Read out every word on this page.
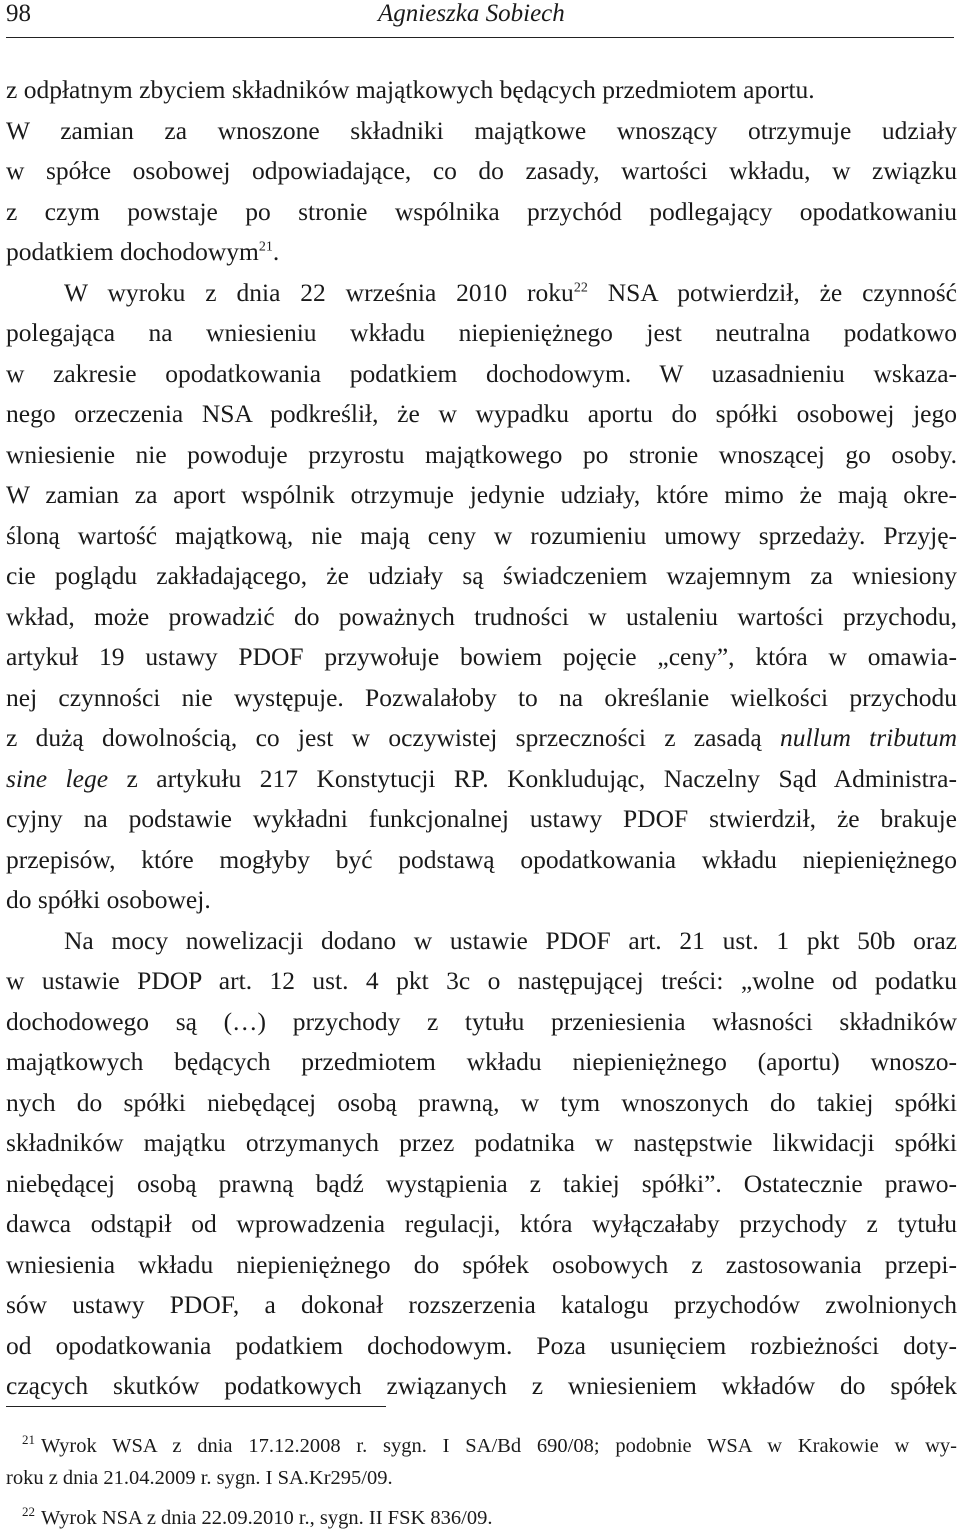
98	Agnieszka Sobiech
z odpłatnym zbyciem składników majątkowych będących przedmiotem aportu.
W zamian za wnoszone składniki majątkowe wnoszący otrzymuje udziały
w spółce osobowej odpowiadające, co do zasady, wartości wkładu, w związku
z czym powstaje po stronie wspólnika przychód podlegający opodatkowaniu
podatkiem dochodowym$^{21}$.
W wyroku z dnia 22 września 2010 roku$^{22}$ NSA potwierdził, że czynność
polegająca na wniesieniu wkładu niepieniężnego jest neutralna podatkowo
w zakresie opodatkowania podatkiem dochodowym. W uzasadnieniu wskaza-
nego orzeczenia NSA podkreślił, że w wypadku aportu do spółki osobowej jego
wniesienie nie powoduje przyrostu majątkowego po stronie wnoszącej go osoby.
W zamian za aport wspólnik otrzymuje jedynie udziały, które mimo że mają okre-
śloną wartość majątkową, nie mają ceny w rozumieniu umowy sprzedaży. Przyję-
cie poglądu zakładającego, że udziały są świadczeniem wzajemnym za wniesiony
wkład, może prowadzić do poważnych trudności w ustaleniu wartości przychodu,
artykuł 19 ustawy PDOF przywołuje bowiem pojęcie „ceny”, która w omawia-
nej czynności nie występuje. Pozwalałoby to na określanie wielkości przychodu
z dużą dowolnością, co jest w oczywistej sprzeczności z zasadą nullum tributum
sine lege z artykułu 217 Konstytucji RP. Konkludując, Naczelny Sąd Administra-
cyjny na podstawie wykładni funkcjonalnej ustawy PDOF stwierdził, że brakuje
przepisów, które mogłyby być podstawą opodatkowania wkładu niepieniężnego
do spółki osobowej.
Na mocy nowelizacji dodano w ustawie PDOF art. 21 ust. 1 pkt 50b oraz
w ustawie PDOP art. 12 ust. 4 pkt 3c o następującej treści: „wolne od podatku
dochodowego są (…) przychody z tytułu przeniesienia własności składników
majątkowych będących przedmiotem wkładu niepieniężnego (aportu) wnoszo-
nych do spółki niebędącej osobą prawną, w tym wnoszonych do takiej spółki
składników majątku otrzymanych przez podatnika w następstwie likwidacji spółki
niebędącej osobą prawną bądź wystąpienia z takiej spółki”. Ostatecznie prawo-
dawca odstąpił od wprowadzenia regulacji, która wyłączałaby przychody z tytułu
wniesienia wkładu niepieniężnego do spółek osobowych z zastosowania przepi-
sów ustawy PDOF, a dokonał rozszerzenia katalogu przychodów zwolnionych
od opodatkowania podatkiem dochodowym. Poza usunięciem rozbieżności doty-
czących skutków podatkowych związanych z wniesieniem wkładów do spółek
$^{21}$ Wyrok WSA z dnia 17.12.2008 r. sygn. I SA/Bd 690/08; podobnie WSA w Krakowie w wy-
roku z dnia 21.04.2009 r. sygn. I SA.Kr295/09.
$^{22}$ Wyrok NSA z dnia 22.09.2010 r., sygn. II FSK 836/09.
